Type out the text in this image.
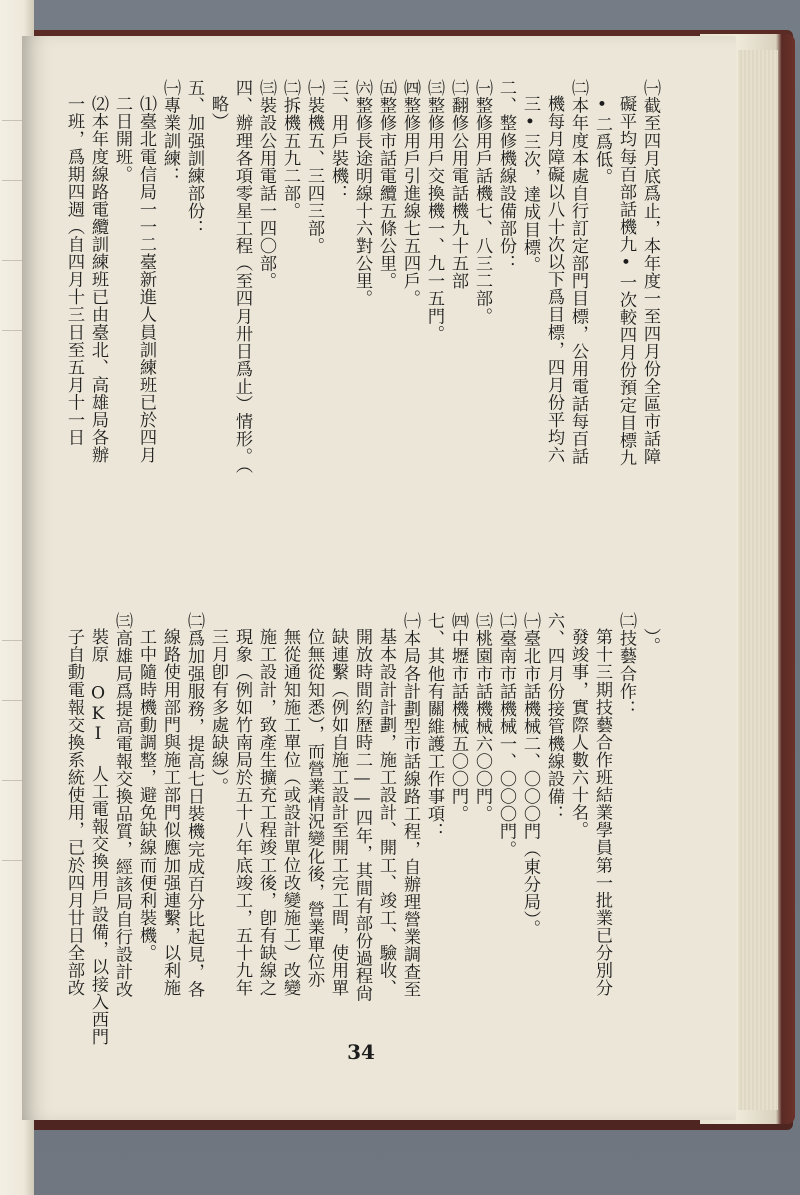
㈠截至四月底爲止，本年度一至四月份全區市話障
礙平均每百部話機九•一次較四月份預定目標九
•二爲低。
㈡本年度本處自行訂定部門目標，公用電話每百話
機每月障礙以八十次以下爲目標，四月份平均六
三•三次，達成目標。
二、整修機線設備部份：
㈠整修用戶話機七、八三二部。
㈡翻修公用電話機九十五部
㈢整修用戶交換機一、九一五門。
㈣整修用戶引進線七五四戶。
㈤整修市話電纜五條公里。
㈥整修長途明線十六對公里。
三、用戶裝機：
㈠裝機五、三四三部。
㈡拆機五九二部。
㈢裝設公用電話一四〇部。
四、辦理各項零星工程（至四月卅日爲止）情形。（
略）
五、加强訓練部份：
㈠專業訓練：
⑴臺北電信局一一二臺新進人員訓練班已於四月
二日開班。
⑵本年度線路電纜訓練班已由臺北、高雄局各辦
一班，爲期四週（自四月十三日至五月十一日
）。
㈡技藝合作：
第十三期技藝合作班結業學員第一批業已分別分
發竣事，實際人數六十名。
六、四月份接管機線設備：
㈠臺北市話機械二、〇〇〇門（東分局）。
㈡臺南市話機械一、〇〇〇門。
㈢桃園市話機械六〇〇門。
㈣中壢市話機械五〇〇門。
七、其他有關維護工作事項：
㈠本局各計劃型市話線路工程，自辦理營業調查至
基本設計計劃，施工設計、開工、竣工、驗收、
開放時間約歷時二——四年，其間有部份過程尙
缺連繫（例如自施工設計至開工完工間，使用單
位無從知悉），而營業情況變化後，營業單位亦
無從通知施工單位（或設計單位改變施工）改變
施工設計，致產生擴充工程竣工後，卽有缺線之
現象（例如竹南局於五十八年底竣工，五十九年
三月卽有多處缺線）。
㈡爲加强服務，提高七日裝機完成百分比起見，各
線路使用部門與施工部門似應加强連繫，以利施
工中隨時機動調整，避免缺線而便利裝機。
㈢高雄局爲提高電報交換品質，經該局自行設計改
裝原 OKI 人工電報交換用戶設備，以接入西門
子自動電報交換系統使用，已於四月廿日全部改
34
